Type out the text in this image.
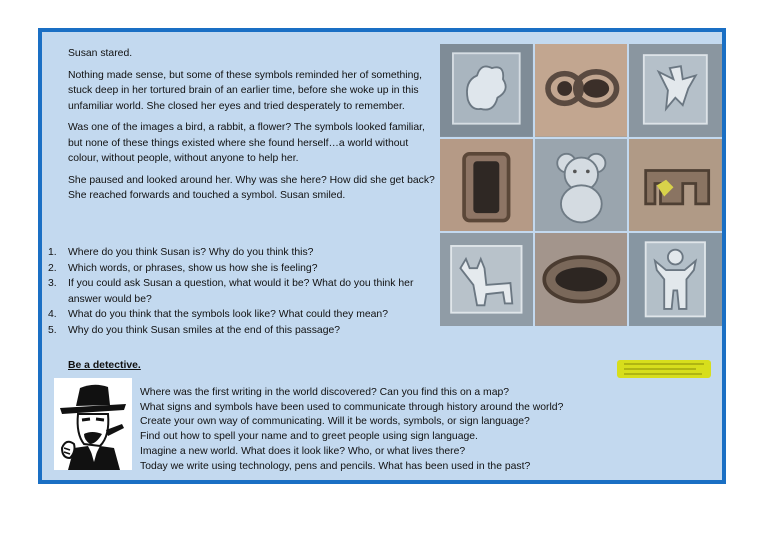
Susan stared.

Nothing made sense, but some of these symbols reminded her of something, stuck deep in her tortured brain of an earlier time, before she woke up in this unfamiliar world. She closed her eyes and tried desperately to remember.

Was one of the images a bird, a rabbit, a flower? The symbols looked familiar, but none of these things existed where she found herself…a world without colour, without people, without anyone to help her.

She paused and looked around her. Why was she here? How did she get back? She reached forwards and touched a symbol. Susan smiled.

1.	Where do you think Susan is? Why do you think this?
2.	Which words, or phrases, show us how she is feeling?
3.	If you could ask Susan a question, what would it be? What do you think her answer would be?
4.	What do you think that the symbols look like? What could they mean?
5.	Why do you think Susan smiles at the end of this passage?
Be a detective.
Where was the first writing in the world discovered? Can you find this on a map?
What signs and symbols have been used to communicate through history around the world?
Create your own way of communicating. Will it be words, symbols, or sign language?
Find out how to spell your name and to greet people using sign language.
Imagine a new world. What does it look like? Who, or what lives there?
Today we write using technology, pens and pencils. What has been used in the past?
